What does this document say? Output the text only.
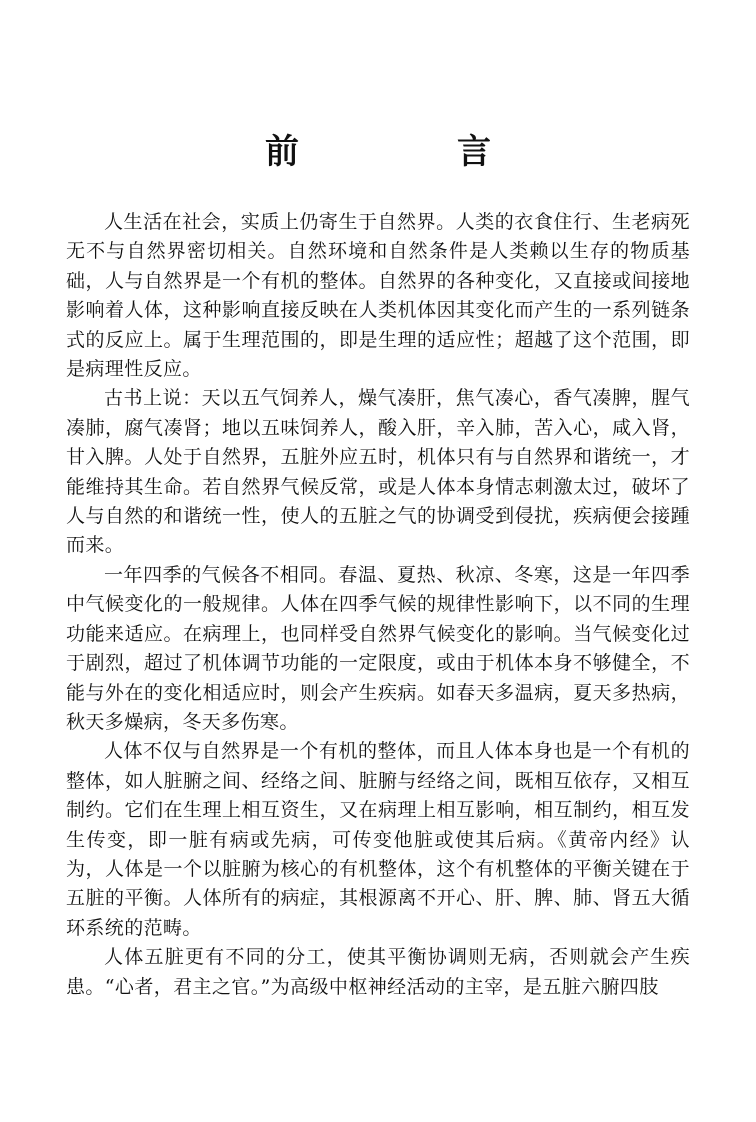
前　言

人生活在社会，实质上仍寄生于自然界。人类的衣食住行、生老病死无不与自然界密切相关。自然环境和自然条件是人类赖以生存的物质基础，人与自然界是一个有机的整体。自然界的各种变化，又直接或间接地影响着人体，这种影响直接反映在人类机体因其变化而产生的一系列链条式的反应上。属于生理范围的，即是生理的适应性；超越了这个范围，即是病理性反应。

古书上说：天以五气饲养人，燥气凑肝，焦气凑心，香气凑脾，腥气凑肺，腐气凑肾；地以五味饲养人，酸入肝，辛入肺，苦入心，咸入肾，甘入脾。人处于自然界，五脏外应五时，机体只有与自然界和谐统一，才能维持其生命。若自然界气候反常，或是人体本身情志刺激太过，破坏了人与自然的和谐统一性，使人的五脏之气的协调受到侵扰，疾病便会接踵而来。

一年四季的气候各不相同。春温、夏热、秋凉、冬寒，这是一年四季中气候变化的一般规律。人体在四季气候的规律性影响下，以不同的生理功能来适应。在病理上，也同样受自然界气候变化的影响。当气候变化过于剧烈，超过了机体调节功能的一定限度，或由于机体本身不够健全，不能与外在的变化相适应时，则会产生疾病。如春天多温病，夏天多热病，秋天多燥病，冬天多伤寒。

人体不仅与自然界是一个有机的整体，而且人体本身也是一个有机的整体，如人脏腑之间、经络之间、脏腑与经络之间，既相互依存，又相互制约。它们在生理上相互资生，又在病理上相互影响，相互制约，相互发生传变，即一脏有病或先病，可传变他脏或使其后病。《黄帝内经》认为，人体是一个以脏腑为核心的有机整体，这个有机整体的平衡关键在于五脏的平衡。人体所有的病症，其根源离不开心、肝、脾、肺、肾五大循环系统的范畴。

人体五脏更有不同的分工，使其平衡协调则无病，否则就会产生疾患。“心者，君主之官。”为高级中枢神经活动的主宰，是五脏六腑四肢
